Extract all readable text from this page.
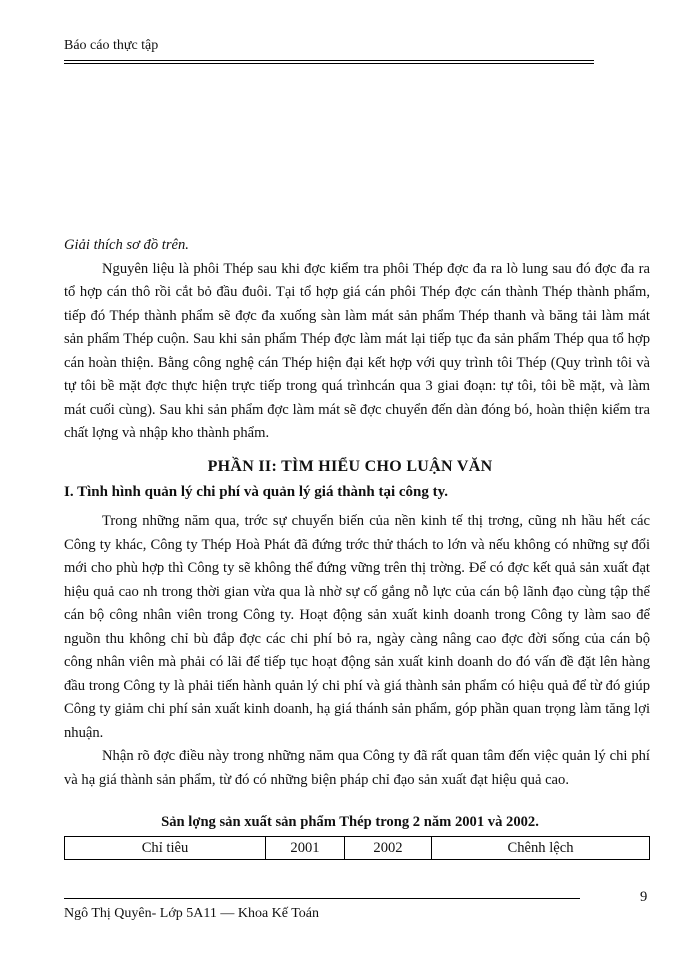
Báo cáo thực tập

Giải thích sơ đồ trên.

Nguyên liệu là phôi Thép sau khi đợc kiểm tra phôi Thép đợc đa ra lò lung sau đó đợc đa ra tổ hợp cán thô rồi cắt bỏ đầu đuôi. Tại tổ hợp giá cán phôi Thép đợc cán thành Thép thành phẩm, tiếp đó Thép thành phẩm sẽ đợc đa xuống sàn làm mát sản phẩm Thép thanh và băng tải làm mát sản phẩm Thép cuộn. Sau khi sản phẩm Thép đợc làm mát lại tiếp tục đa sản phẩm Thép qua tổ hợp cán hoàn thiện. Bằng công nghệ cán Thép hiện đại kết hợp với quy trình tôi Thép (Quy trình tôi và tự tôi bề mặt đợc thực hiện trực tiếp trong quá trìnhcán qua 3 giai đoạn: tự tôi, tôi bề mặt, và làm mát cuối cùng). Sau khi sản phẩm đợc làm mát sẽ đợc chuyển đến dàn đóng bó, hoàn thiện kiểm tra chất lợng và nhập kho thành phẩm.

PHẦN II: TÌM HIỂU CHO LUẬN VĂN
I. Tình hình quản lý chi phí và quản lý giá thành tại công ty.

Trong những năm qua, trớc sự chuyển biến của nền kinh tế thị trơng, cũng nh hầu hết các Công ty khác, Công ty Thép Hoà Phát đã đứng trớc thử thách to lớn và nếu không có những sự đổi mới cho phù hợp thì Công ty sẽ không thể đứng vững trên thị trờng. Để có đợc kết quả sản xuất đạt hiệu quả cao nh trong thời gian vừa qua là nhờ sự cố gắng nỗ lực của cán bộ lãnh đạo cùng tập thể cán bộ công nhân viên trong Công ty. Hoạt động sản xuất kinh doanh trong Công ty làm sao để nguồn thu không chỉ bù đắp đợc các chi phí bỏ ra, ngày càng nâng cao đợc đời sống của cán bộ công nhân viên mà phải có lãi để tiếp tục hoạt động sản xuất kinh doanh do đó vấn đề đặt lên hàng đầu trong Công ty là phải tiến hành quản lý chi phí và giá thành sản phẩm có hiệu quả để từ đó giúp Công ty giảm chi phí sản xuất kinh doanh, hạ giá thánh sản phẩm, góp phần quan trọng làm tăng lợi nhuận.

Nhận rõ đợc điều này trong những năm qua Công ty đã rất quan tâm đến việc quản lý chi phí và hạ giá thành sản phẩm, từ đó có những biện pháp chỉ đạo sản xuất đạt hiệu quả cao.

Sản lợng sản xuất sản phẩm Thép trong 2 năm 2001 và 2002.
Chỉ tiêu	2001	2002	Chênh lệch
9
Ngô Thị Quyên- Lớp 5A11 — Khoa Kế Toán
